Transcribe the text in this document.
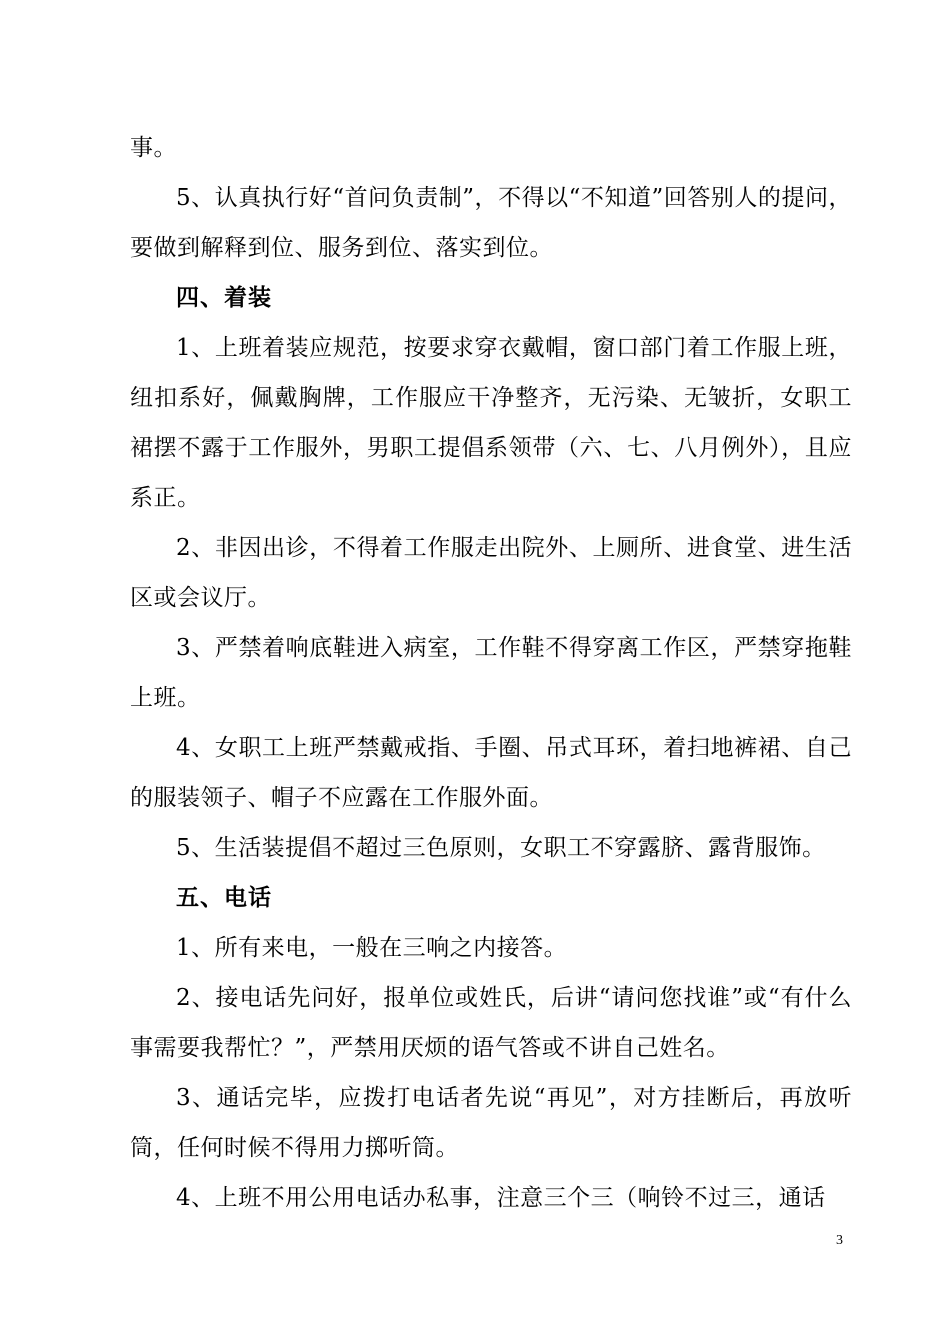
事。

5、认真执行好“首问负责制”，不得以“不知道”回答别人的提问，要做到解释到位、服务到位、落实到位。

四、着装

1、上班着装应规范，按要求穿衣戴帽，窗口部门着工作服上班，纽扣系好，佩戴胸牌，工作服应干净整齐，无污染、无皱折，女职工裙摆不露于工作服外，男职工提倡系领带（六、七、八月例外），且应系正。

2、非因出诊，不得着工作服走出院外、上厕所、进食堂、进生活区或会议厅。

3、严禁着响底鞋进入病室，工作鞋不得穿离工作区，严禁穿拖鞋上班。

4、女职工上班严禁戴戒指、手圈、吊式耳环，着扫地裤裙、自己的服装领子、帽子不应露在工作服外面。

5、生活装提倡不超过三色原则，女职工不穿露脐、露背服饰。

五、电话

1、所有来电，一般在三响之内接答。

2、接电话先问好，报单位或姓氏，后讲“请问您找谁”或“有什么事需要我帮忙？”，严禁用厌烦的语气答或不讲自己姓名。

3、通话完毕，应拨打电话者先说“再见”，对方挂断后，再放听筒，任何时候不得用力掷听筒。

4、上班不用公用电话办私事，注意三个三（响铃不过三，通话

3
